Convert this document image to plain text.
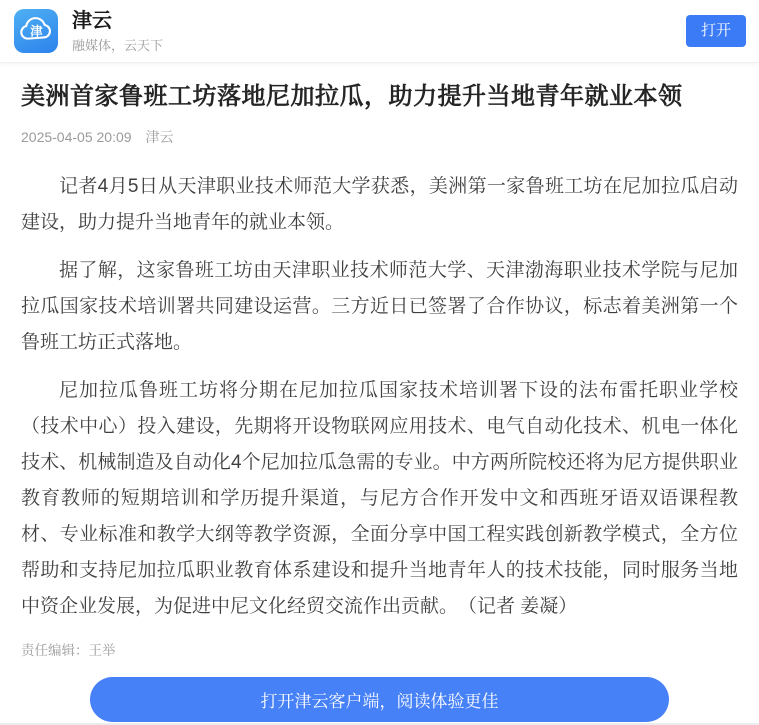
津 津云
融媒体，云天下
打开
美洲首家鲁班工坊落地尼加拉瓜，助力提升当地青年就业本领
2025-04-05 20:09 津云

记者4月5日从天津职业技术师范大学获悉，美洲第一家鲁班工坊在尼加拉瓜启动建设，助力提升当地青年的就业本领。

据了解，这家鲁班工坊由天津职业技术师范大学、天津渤海职业技术学院与尼加拉瓜国家技术培训署共同建设运营。三方近日已签署了合作协议，标志着美洲第一个鲁班工坊正式落地。

尼加拉瓜鲁班工坊将分期在尼加拉瓜国家技术培训署下设的法布雷托职业学校（技术中心）投入建设，先期将开设物联网应用技术、电气自动化技术、机电一体化技术、机械制造及自动化4个尼加拉瓜急需的专业。中方两所院校还将为尼方提供职业教育教师的短期培训和学历提升渠道，与尼方合作开发中文和西班牙语双语课程教材、专业标准和教学大纲等教学资源，全面分享中国工程实践创新教学模式，全方位帮助和支持尼加拉瓜职业教育体系建设和提升当地青年人的技术技能，同时服务当地中资企业发展，为促进中尼文化经贸交流作出贡献。　（记者 姜凝）

责任编辑：王举
打开津云客户端，阅读体验更佳
